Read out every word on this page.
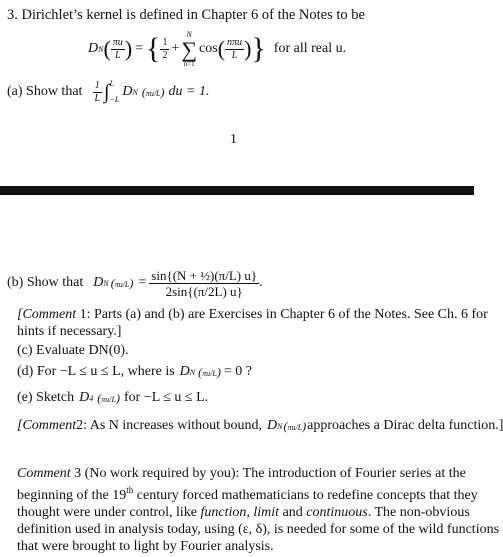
3. Dirichlet’s kernel is defined in Chapter 6 of the Notes to be
D N ( $\frac{\pi u}{L}$ ) = { $\frac{1}{2}$ +
N
∑
n=1
cos ( $\frac{\text{nπu}}{L}$ ) } for all real u.
(a) Show that $\frac{1}{L}$ ∫ L
−L
D N (πu/L) du = 1.
1
(b) Show that D N $(\pi u/L) = \frac{\text{sin\{(N + ½)(π/L) u\}}}{2\sin\{(\pi/2L) u\}}$ .
[Comment 1: Parts (a) and (b) are Exercises in Chapter 6 of the Notes. See Ch. 6 for
hints if necessary.]
(c) Evaluate DN(0).
(d) For −L ≤ u ≤ L, where is D N (πu/L) = 0 ?
(e) Sketch D 4 (πu/L) for −L ≤ u ≤ L.
[Comment 2: As N increases without bound, D N (πu/L) approaches a Dirac delta function.]
Comment 3 (No work required by you): The introduction of Fourier series at the
beginning of the 19th century forced mathematicians to redefine concepts that they
thought were under control, like function, limit and continuous. The non-obvious
definition used in analysis today, using (ε, δ), is needed for some of the wild functions
that were brought to light by Fourier analysis.
